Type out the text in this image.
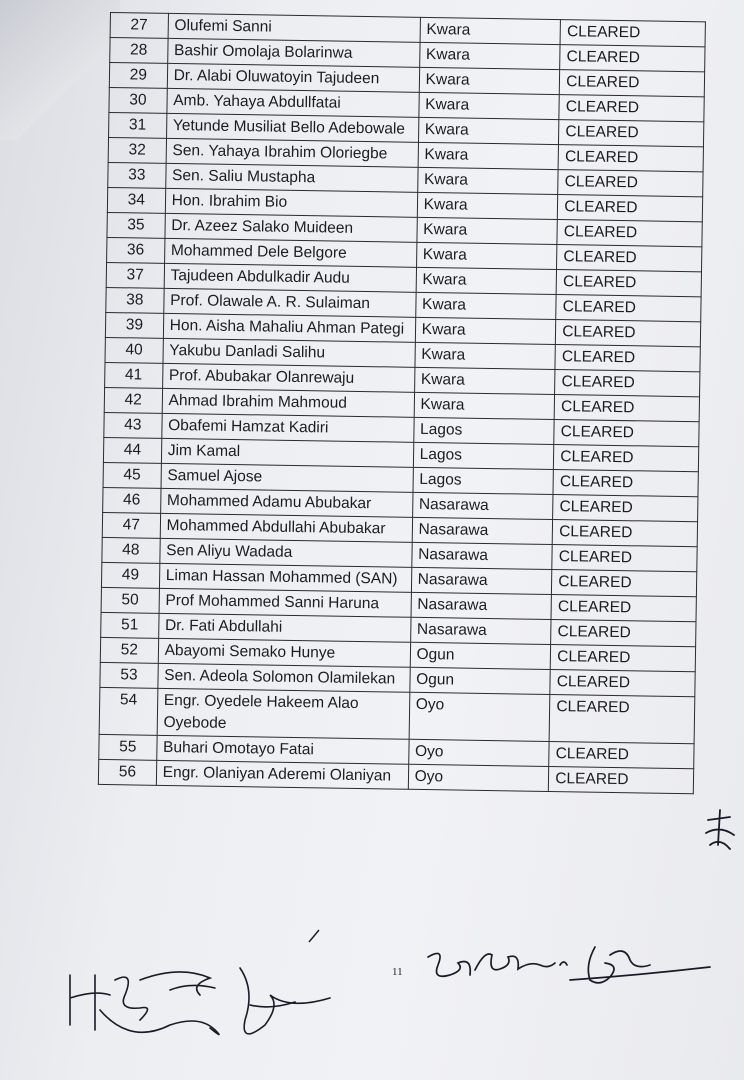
27	Olufemi Sanni	Kwara	CLEARED
28	Bashir Omolaja Bolarinwa	Kwara	CLEARED
29	Dr. Alabi Oluwatoyin Tajudeen	Kwara	CLEARED
30	Amb. Yahaya Abdullfatai	Kwara	CLEARED
31	Yetunde Musiliat Bello Adebowale	Kwara	CLEARED
32	Sen. Yahaya Ibrahim Oloriegbe	Kwara	CLEARED
33	Sen. Saliu Mustapha	Kwara	CLEARED
34	Hon. Ibrahim Bio	Kwara	CLEARED
35	Dr. Azeez Salako Muideen	Kwara	CLEARED
36	Mohammed Dele Belgore	Kwara	CLEARED
37	Tajudeen Abdulkadir Audu	Kwara	CLEARED
38	Prof. Olawale A. R. Sulaiman	Kwara	CLEARED
39	Hon. Aisha Mahaliu Ahman Pategi	Kwara	CLEARED
40	Yakubu Danladi Salihu	Kwara	CLEARED
41	Prof. Abubakar Olanrewaju	Kwara	CLEARED
42	Ahmad Ibrahim Mahmoud	Kwara	CLEARED
43	Obafemi Hamzat Kadiri	Lagos	CLEARED
44	Jim Kamal	Lagos	CLEARED
45	Samuel Ajose	Lagos	CLEARED
46	Mohammed Adamu Abubakar	Nasarawa	CLEARED
47	Mohammed Abdullahi Abubakar	Nasarawa	CLEARED
48	Sen Aliyu Wadada	Nasarawa	CLEARED
49	Liman Hassan Mohammed (SAN)	Nasarawa	CLEARED
50	Prof Mohammed Sanni Haruna	Nasarawa	CLEARED
51	Dr. Fati Abdullahi	Nasarawa	CLEARED
52	Abayomi Semako Hunye	Ogun	CLEARED
53	Sen. Adeola Solomon Olamilekan	Ogun	CLEARED
54	Engr. Oyedele Hakeem Alao Oyebode	Oyo	CLEARED
55	Buhari Omotayo Fatai	Oyo	CLEARED
56	Engr. Olaniyan Aderemi Olaniyan	Oyo	CLEARED
11
